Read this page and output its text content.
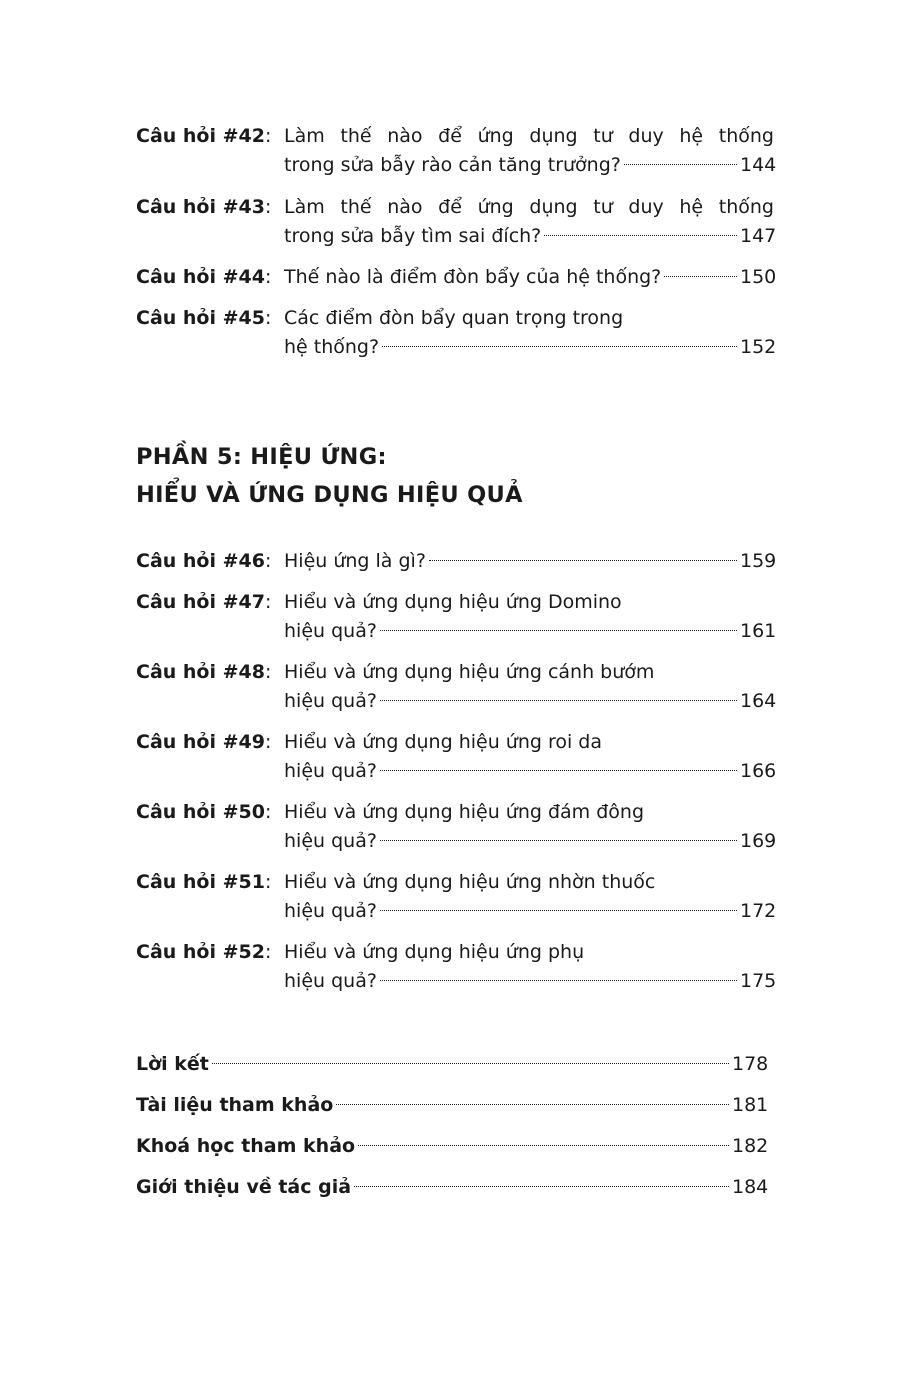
Câu hỏi #42: Làm thế nào để ứng dụng tư duy hệ thống
trong sửa bẫy rào cản tăng trưởng?	144
Câu hỏi #43: Làm thế nào để ứng dụng tư duy hệ thống
trong sửa bẫy tìm sai đích?	147
Câu hỏi #44: Thế nào là điểm đòn bẩy của hệ thống?	150
Câu hỏi #45: Các điểm đòn bẩy quan trọng trong
hệ thống?	152
PHẦN 5: HIỆU ỨNG:
HIỂU VÀ ỨNG DỤNG HIỆU QUẢ
Câu hỏi #46: Hiệu ứng là gì?	159
Câu hỏi #47: Hiểu và ứng dụng hiệu ứng Domino
hiệu quả?	161
Câu hỏi #48: Hiểu và ứng dụng hiệu ứng cánh bướm
hiệu quả?	164
Câu hỏi #49: Hiểu và ứng dụng hiệu ứng roi da
hiệu quả?	166
Câu hỏi #50: Hiểu và ứng dụng hiệu ứng đám đông
hiệu quả?	169
Câu hỏi #51: Hiểu và ứng dụng hiệu ứng nhờn thuốc
hiệu quả?	172
Câu hỏi #52: Hiểu và ứng dụng hiệu ứng phụ
hiệu quả?	175
Lời kết	178
Tài liệu tham khảo	181
Khoá học tham khảo	182
Giới thiệu về tác giả	184
